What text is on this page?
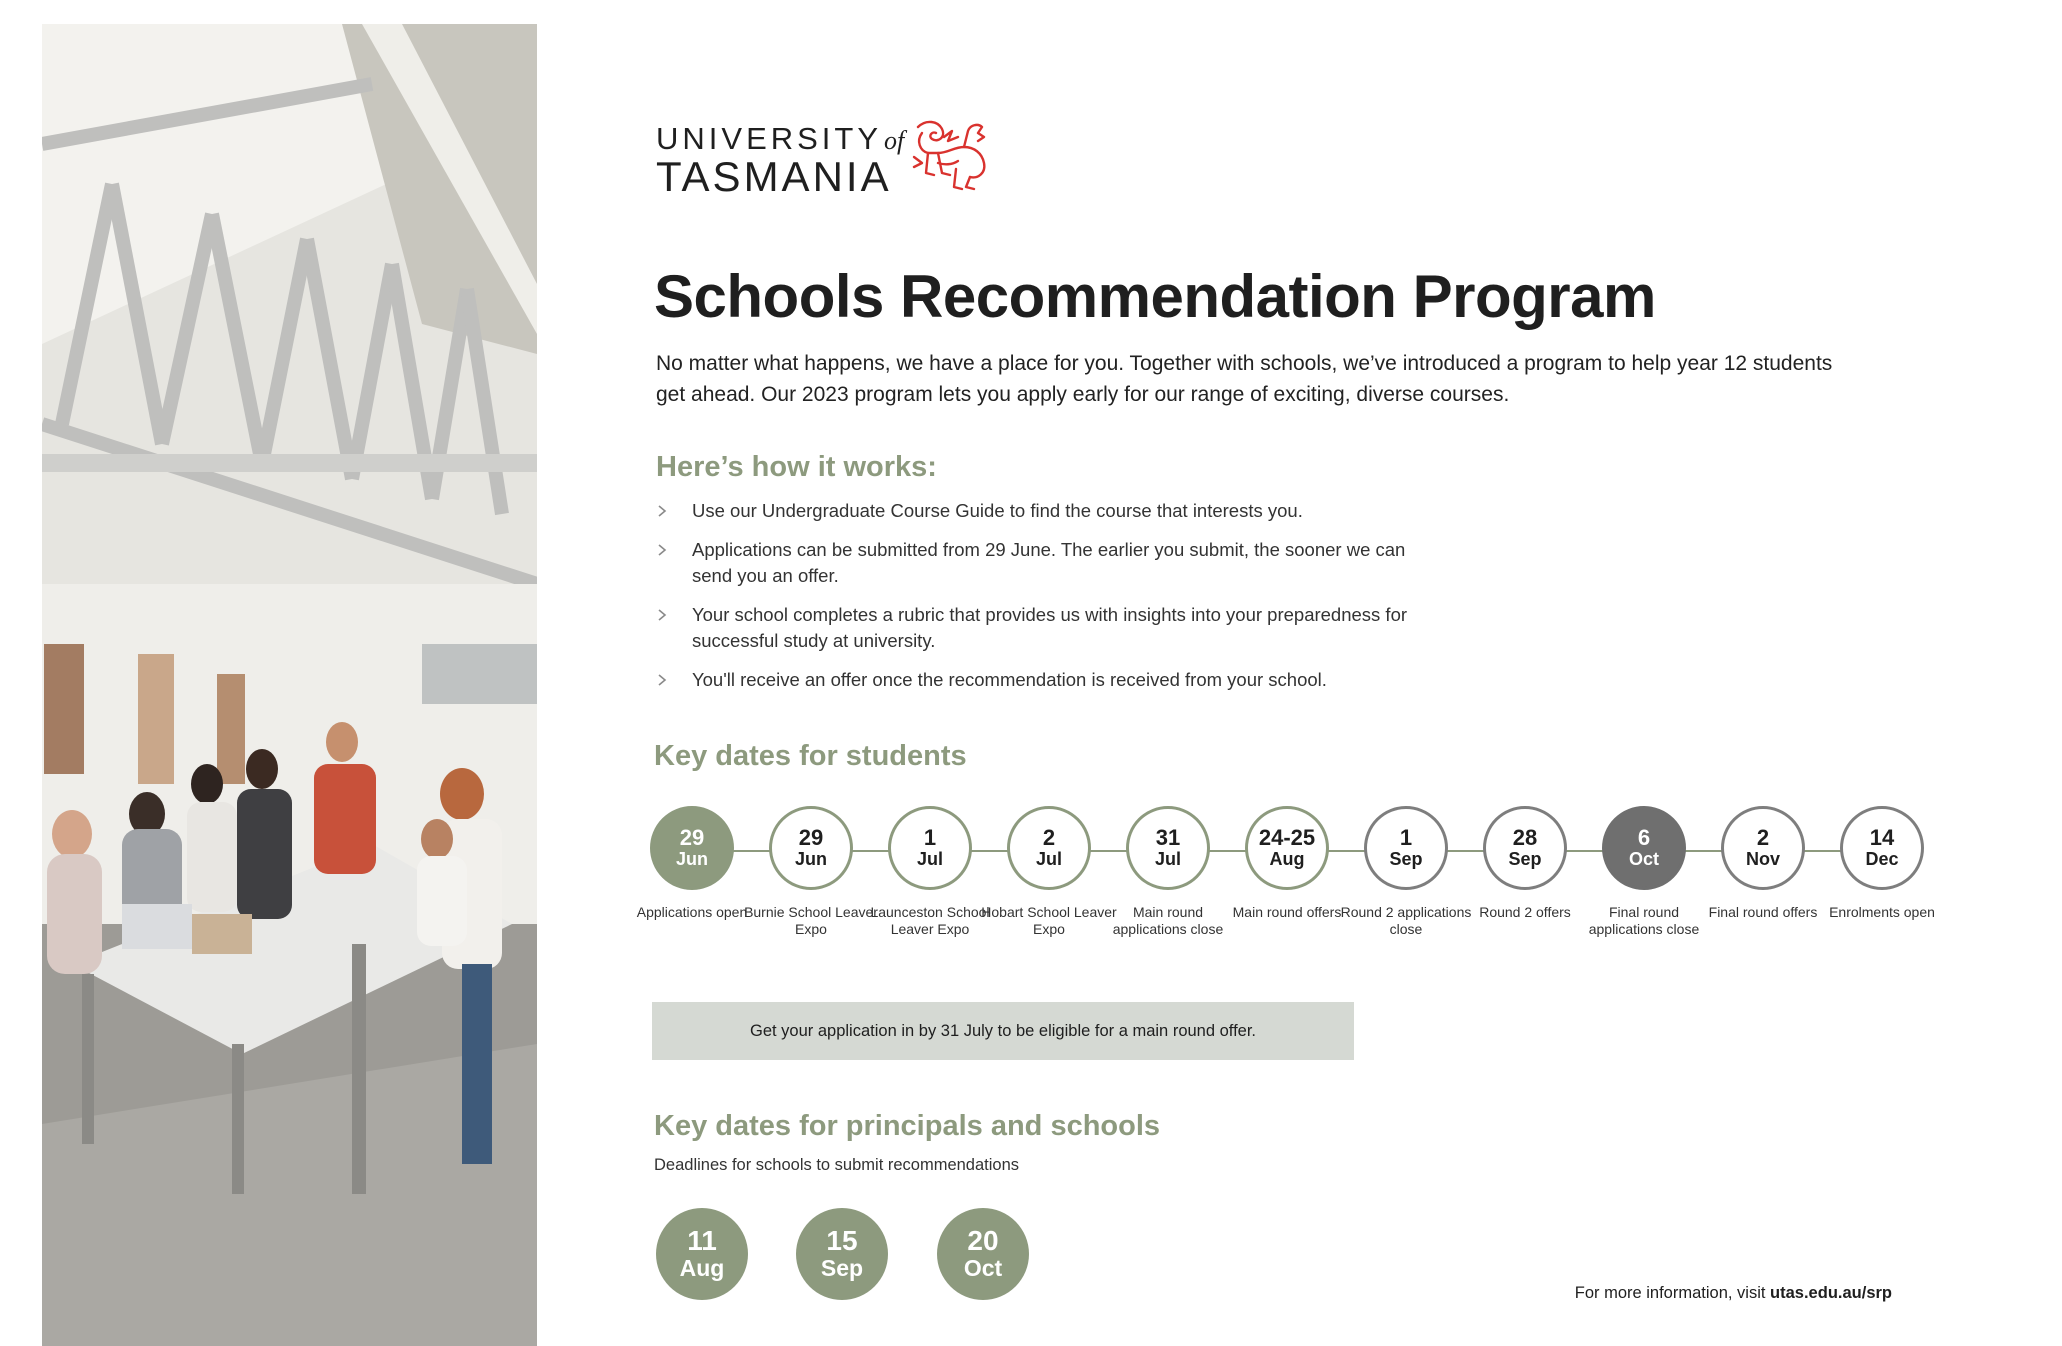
UNIVERSITYof
TASMANIA
Schools Recommendation Program

No matter what happens, we have a place for you. Together with schools, we’ve introduced a program to help year 12 students get ahead. Our 2023 program lets you apply early for our range of exciting, diverse courses.

Here’s how it works:
Use our Undergraduate Course Guide to find the course that interests you.
Applications can be submitted from 29 June. The earlier you submit, the sooner we can send you an offer.
Your school completes a rubric that provides us with insights into your preparedness for successful study at university.
You'll receive an offer once the recommendation is received from your school.
Key dates for students
29
Jun
Applications open
29
Jun
Burnie School Leaver Expo
1
Jul
Launceston School Leaver Expo
2
Jul
Hobart School Leaver Expo
31
Jul
Main round applications close
24-25
Aug
Main round offers
1
Sep
Round 2 applications close
28
Sep
Round 2 offers
6
Oct
Final round applications close
2
Nov
Final round offers
14
Dec
Enrolments open
Get your application in by 31 July to be eligible for a main round offer.
Key dates for principals and schools
Deadlines for schools to submit recommendations
11
Aug
15
Sep
20
Oct
For more information, visit utas.edu.au/srp
